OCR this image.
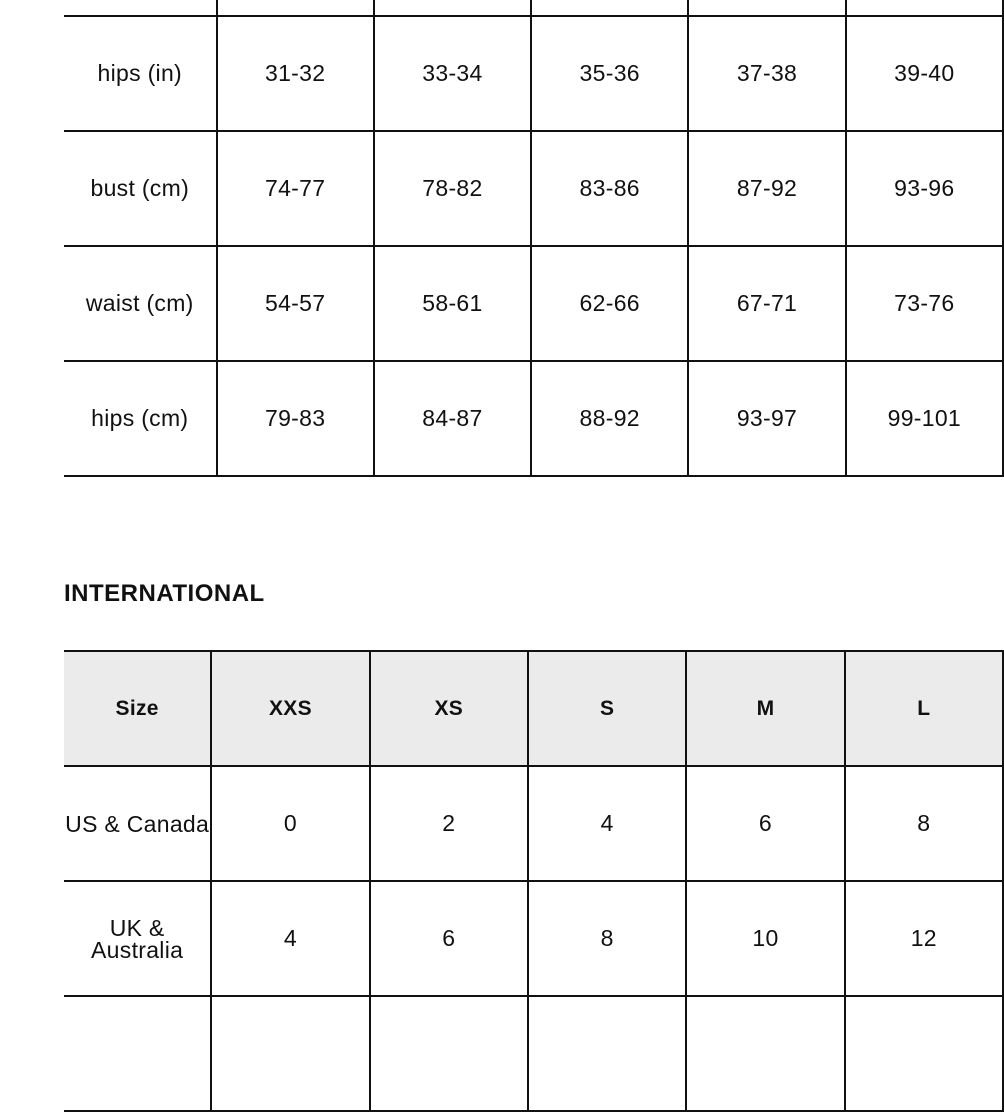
hips (in)	31-32	33-34	35-36	37-38	39-40
bust (cm)	74-77	78-82	83-86	87-92	93-96
waist (cm)	54-57	58-61	62-66	67-71	73-76
hips (cm)	79-83	84-87	88-92	93-97	99-101
INTERNATIONAL
Size	XXS	XS	S	M	L
US & Canada	0	2	4	6	8
UK & Australia	4	6	8	10	12
